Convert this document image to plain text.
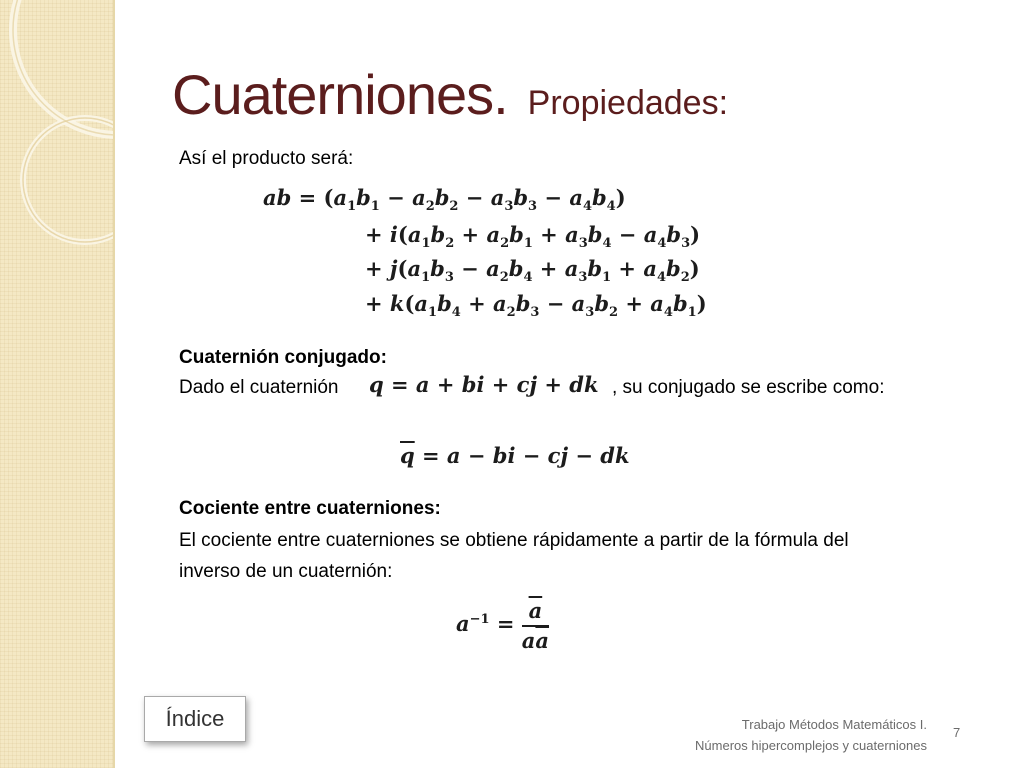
Cuaterniones. Propiedades:
Así el producto será:
ab = $(a_1b_1 - a_2b_2 - a_3b_3 - a_4b_4)$
+ $i(a_1b_2 + a_2b_1 + a_3b_4 - a_4b_3)$
+ $j(a_1b_3 - a_2b_4 + a_3b_1 + a_4b_2)$
+ $k(a_1b_4 + a_2b_3 - a_3b_2 + a_4b_1)$
Cuaternión conjugado:
Dado el cuaternión q = a + bi + cj + dk , su conjugado se escribe como:
$\overline{q} = a$ − bi − cj − dk
Cociente entre cuaterniones:
El cociente entre cuaterniones se obtiene rápidamente a partir de la fórmula del
inverso de un cuaternión:
$a^{-1} = \frac{\overline{a}}{a\overline{a}}$
Índice	Trabajo Métodos Matemáticos I.
Números hipercomplejos y cuaterniones
7
